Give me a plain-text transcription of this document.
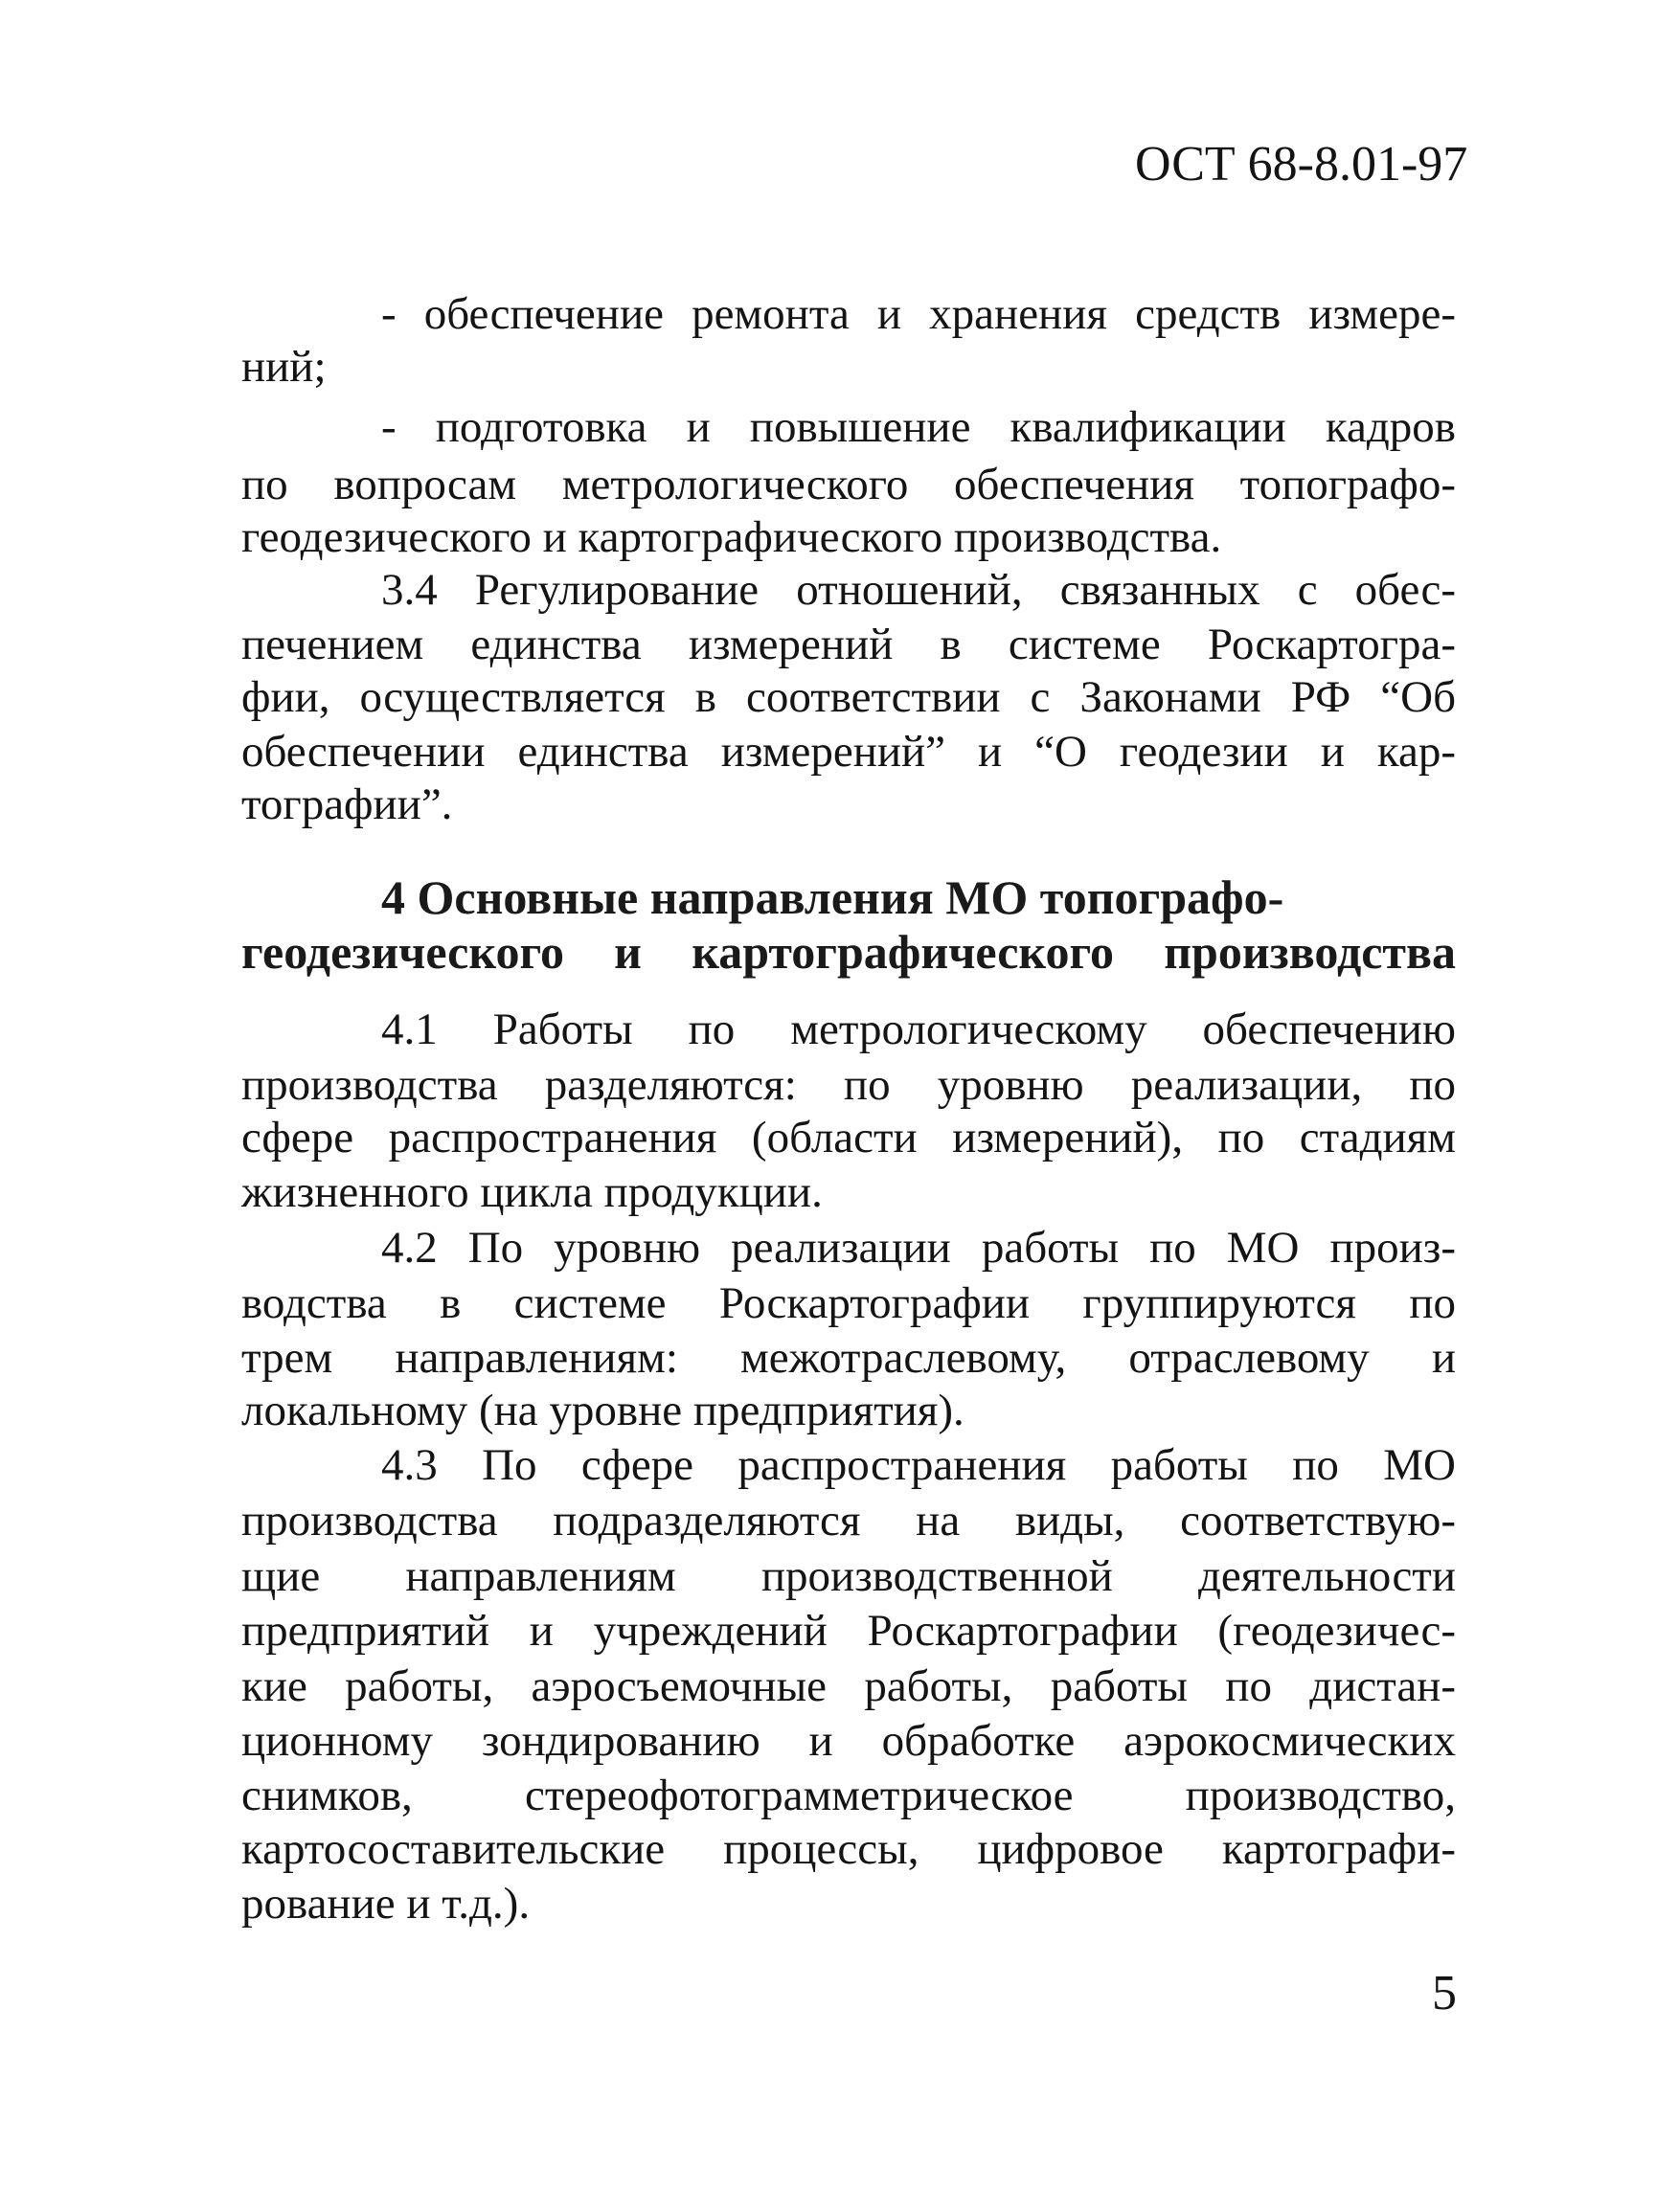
ОСТ 68-8.01-97
- обеспечение ремонта и хранения средств измере-
ний;
- подготовка и повышение квалификации кадров
по вопросам метрологического обеспечения топографо-
геодезического и картографического производства.
3.4 Регулирование отношений, связанных с обес-
печением единства измерений в системе Роскартогра-
фии, осуществляется в соответствии с Законами РФ “Об
обеспечении единства измерений” и “О геодезии и кар-
тографии”.
4 Основные направления МО топографо-
геодезического и картографического производства
4.1 Работы по метрологическому обеспечению
производства разделяются: по уровню реализации, по
сфере распространения (области измерений), по стадиям
жизненного цикла продукции.
4.2 По уровню реализации работы по МО произ-
водства в системе Роскартографии группируются по
трем направлениям: межотраслевому, отраслевому и
локальному (на уровне предприятия).
4.3 По сфере распространения работы по МО
производства подразделяются на виды, соответствую-
щие направлениям производственной деятельности
предприятий и учреждений Роскартографии (геодезичес-
кие работы, аэросъемочные работы, работы по дистан-
ционному зондированию и обработке аэрокосмических
снимков, стереофотограмметрическое производство,
картосоставительские процессы, цифровое картографи-
рование и т.д.).
5
